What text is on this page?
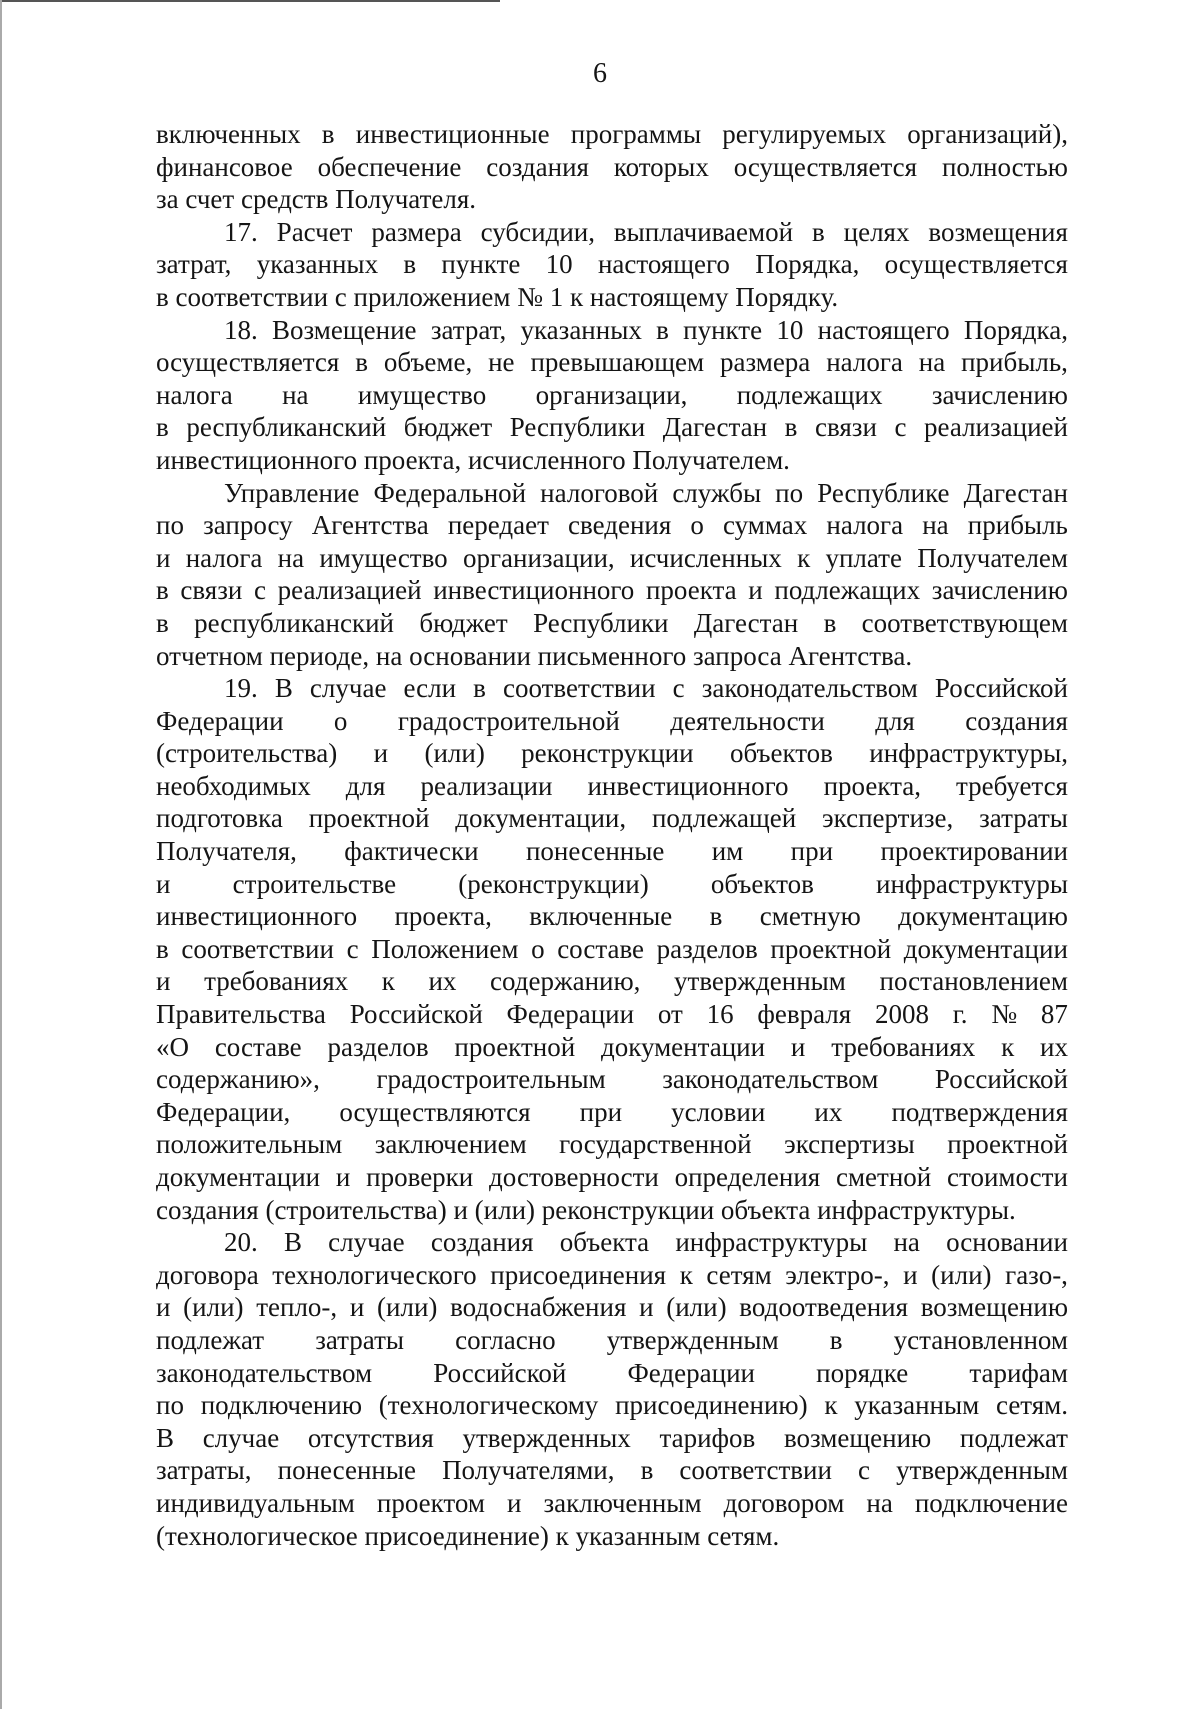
6
включенных в инвестиционные программы регулируемых организаций),
финансовое обеспечение создания которых осуществляется полностью
за счет средств Получателя.
17. Расчет размера субсидии, выплачиваемой в целях возмещения
затрат, указанных в пункте 10 настоящего Порядка, осуществляется
в соответствии с приложением № 1 к настоящему Порядку.
18. Возмещение затрат, указанных в пункте 10 настоящего Порядка,
осуществляется в объеме, не превышающем размера налога на прибыль,
налога на имущество организации, подлежащих зачислению
в республиканский бюджет Республики Дагестан в связи с реализацией
инвестиционного проекта, исчисленного Получателем.
Управление Федеральной налоговой службы по Республике Дагестан
по запросу Агентства передает сведения о суммах налога на прибыль
и налога на имущество организации, исчисленных к уплате Получателем
в связи с реализацией инвестиционного проекта и подлежащих зачислению
в республиканский бюджет Республики Дагестан в соответствующем
отчетном периоде, на основании письменного запроса Агентства.
19. В случае если в соответствии с законодательством Российской
Федерации о градостроительной деятельности для создания
(строительства) и (или) реконструкции объектов инфраструктуры,
необходимых для реализации инвестиционного проекта, требуется
подготовка проектной документации, подлежащей экспертизе, затраты
Получателя, фактически понесенные им при проектировании
и строительстве (реконструкции) объектов инфраструктуры
инвестиционного проекта, включенные в сметную документацию
в соответствии с Положением о составе разделов проектной документации
и требованиях к их содержанию, утвержденным постановлением
Правительства Российской Федерации от 16 февраля 2008 г. № 87
«О составе разделов проектной документации и требованиях к их
содержанию», градостроительным законодательством Российской
Федерации, осуществляются при условии их подтверждения
положительным заключением государственной экспертизы проектной
документации и проверки достоверности определения сметной стоимости
создания (строительства) и (или) реконструкции объекта инфраструктуры.
20. В случае создания объекта инфраструктуры на основании
договора технологического присоединения к сетям электро-, и (или) газо-,
и (или) тепло-, и (или) водоснабжения и (или) водоотведения возмещению
подлежат затраты согласно утвержденным в установленном
законодательством Российской Федерации порядке тарифам
по подключению (технологическому присоединению) к указанным сетям.
В случае отсутствия утвержденных тарифов возмещению подлежат
затраты, понесенные Получателями, в соответствии с утвержденным
индивидуальным проектом и заключенным договором на подключение
(технологическое присоединение) к указанным сетям.
